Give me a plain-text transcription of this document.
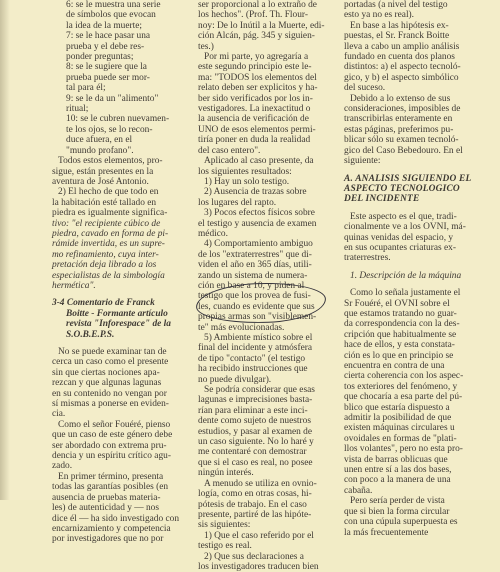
6: se le muestra una serie
de símbolos que evocan
la idea de la muerte;
7: se le hace pasar una
prueba y el debe res-
ponder preguntas;
8: se le sugiere que la
prueba puede ser mor-
tal para él;
9: se le da un "alimento"
ritual;
10: se le cubren nuevamen-
te los ojos, se lo recon-
duce afuera, en el
"mundo profano".
Todos estos elementos, pro-
sigue, están presentes en la
aventura de José Antonio.
2) El hecho de que todo en
la habitación esté tallado en
piedra es igualmente significa-
tivo: "el recipiente cúbico de
piedra, cavado en forma de pi-
rámide invertida, es un supre-
mo refinamiento, cuya inter-
pretación deja librado a los
especialistas de la simbología
hermética".
3-4 Comentario de Franck
Boitte - Formante artículo
revista "Inforespace" de la
S.O.B.E.P.S.
No se puede examinar tan de
cerca un caso como el presente
sin que ciertas nociones apa-
rezcan y que algunas lagunas
en su contenido no vengan por
sí mismas a ponerse en eviden-
cia.
Como el señor Fouéré, pienso
que un caso de este género debe
ser abordado con extrema pru-
dencia y un espíritu crítico agu-
zado.
En primer término, presenta
todas las garantías posibles (en
ausencia de pruebas materia-
les) de autenticidad y — nos
dice él — ha sido investigado con
encarnizamiento y competencia
por investigadores que no por
ser proporcional a lo extraño de
los hechos". (Prof. Th. Flour-
noy: De lo Inútil a la Muerte, edi-
ción Alcán, pág. 345 y siguien-
tes.)
Por mi parte, yo agregaría a
este segundo principio este le-
ma: "TODOS los elementos del
relato deben ser explicitos y ha-
ber sido verificados por los in-
vestigadores. La inexactitud o
la ausencia de verificación de
UNO de esos elementos permi-
tiría poner en duda la realidad
del caso entero".
Aplicado al caso presente, da
los siguientes resultados:
1) Hay un solo testigo.
2) Ausencia de trazas sobre
los lugares del rapto.
3) Pocos efectos físicos sobre
el testigo y ausencia de examen
médico.
4) Comportamiento ambiguo
de los "extraterrestres" que di-
viden el año en 365 días, utili-
zando un sistema de numera-
ción en base a 10, y piden al
testigo que los provea de fusi-
les, cuando es evidente que sus
propias armas son "visiblemen-
te" más evolucionadas.
5) Ambiente místico sobre el
final del incidente y atmósfera
de tipo "contacto" (el testigo
ha recibido instrucciones que
no puede divulgar).
Se podría considerar que esas
lagunas e imprecisiones basta-
rían para eliminar a este inci-
dente como sujeto de nuestros
estudios, y pasar al examen de
un caso siguiente. No lo haré y
me contentaré con demostrar
que si el caso es real, no posee
ningún interés.
A menudo se utiliza en ovnio-
logía, como en otras cosas, hi-
pótesis de trabajo. En el caso
presente, partiré de las hipóte-
sis siguientes:
1) Que el caso referido por el
testigo es real.
2) Que sus declaraciones a
los investigadores traducen bien
portadas (a nivel del testigo
esto ya no es real).
En base a las hipótesis ex-
puestas, el Sr. Franck Boitte
lleva a cabo un amplio análisis
fundado en cuenta dos planos
distintos: a) el aspecto tecnoló-
gico, y b) el aspecto simbólico
del suceso.
Debido a lo extenso de sus
consideraciones, imposibles de
transcribirlas enteramente en
estas páginas, preferimos pu-
blicar sólo su examen tecnoló-
gico del Caso Bebedouro. En el
siguiente:
A. ANALISIS SIGUIENDO EL
ASPECTO TECNOLOGICO
DEL INCIDENTE
Este aspecto es el que, tradi-
cionalmente ve a los OVNI, má-
quinas venidas del espacio, y
en sus ocupantes criaturas ex-
traterrestres.
1. Descripción de la máquina
Como lo señala justamente el
Sr Fouéré, el OVNI sobre el
que estamos tratando no guar-
da correspondencia con la des-
cripción que habitualmente se
hace de ellos, y esta constata-
ción es lo que en principio se
encuentra en contra de una
cierta coherencia con los aspec-
tos exteriores del fenómeno, y
que chocaría a esa parte del pú-
blico que estaría dispuesto a
admitir la posibilidad de que
existen máquinas circulares u
ovoidales en formas de "plati-
llos volantes", pero no esta pro-
vista de barras oblicuas que
unen entre sí a las dos bases,
con poco a la manera de una
cabaña.
Pero sería perder de vista
que si bien la forma circular
con una cúpula superpuesta es
la más frecuentemente
